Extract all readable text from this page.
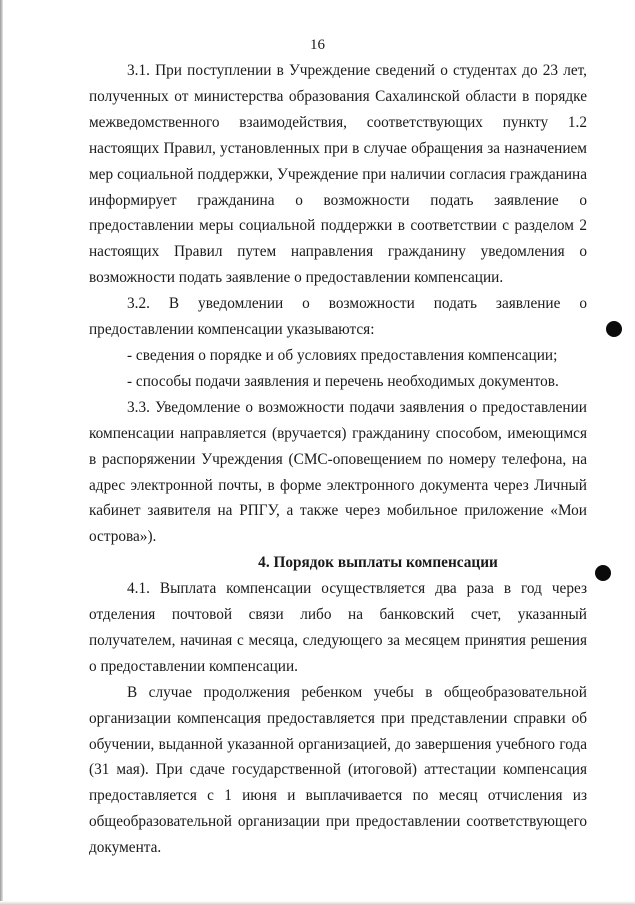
16

3.1. При поступлении в Учреждение сведений о студентах до 23 лет, полученных от министерства образования Сахалинской области в порядке межведомственного взаимодействия, соответствующих пункту 1.2 настоящих Правил, установленных при в случае обращения за назначением мер социальной поддержки, Учреждение при наличии согласия гражданина информирует гражданина о возможности подать заявление о предоставлении меры социальной поддержки в соответствии с разделом 2 настоящих Правил путем направления гражданину уведомления о возможности подать заявление о предоставлении компенсации.

3.2. В уведомлении о возможности подать заявление о предоставлении компенсации указываются:

- сведения о порядке и об условиях предоставления компенсации;

- способы подачи заявления и перечень необходимых документов.

3.3. Уведомление о возможности подачи заявления о предоставлении компенсации направляется (вручается) гражданину способом, имеющимся в распоряжении Учреждения (СМС-оповещением по номеру телефона, на адрес электронной почты, в форме электронного документа через Личный кабинет заявителя на РПГУ, а также через мобильное приложение «Мои острова»).

4. Порядок выплаты компенсации

4.1. Выплата компенсации осуществляется два раза в год через отделения почтовой связи либо на банковский счет, указанный получателем, начиная с месяца, следующего за месяцем принятия решения о предоставлении компенсации.

В случае продолжения ребенком учебы в общеобразовательной организации компенсация предоставляется при представлении справки об обучении, выданной указанной организацией, до завершения учебного года (31 мая). При сдаче государственной (итоговой) аттестации компенсация предоставляется с 1 июня и выплачивается по месяц отчисления из общеобразовательной организации при предоставлении соответствующего документа.
